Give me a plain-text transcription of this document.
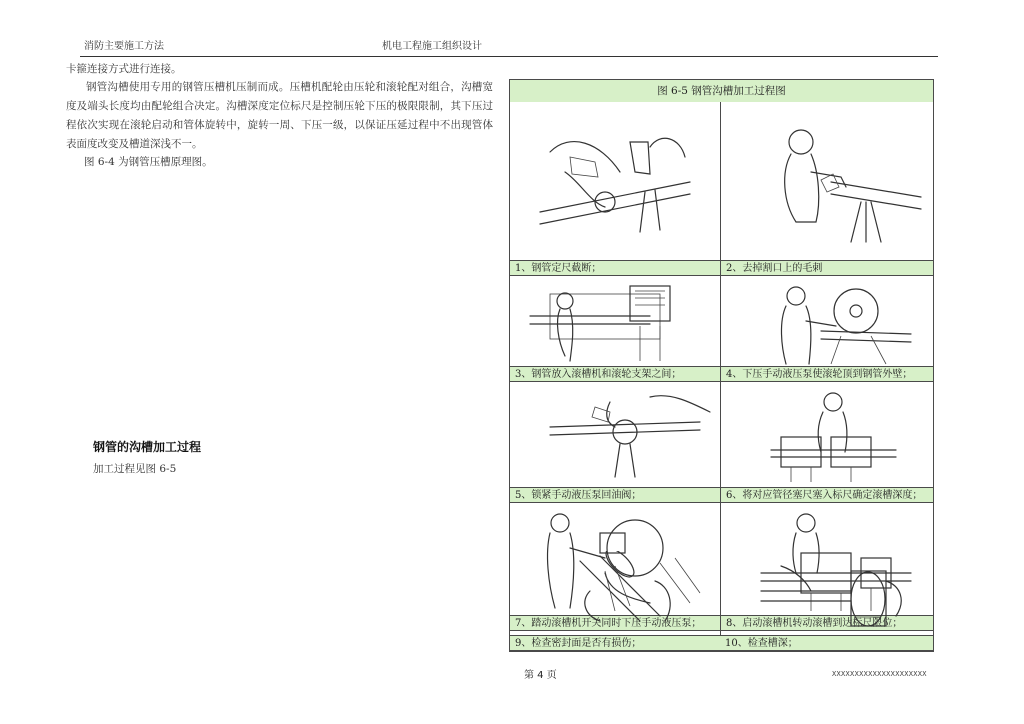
消防主要施工方法	机电工程施工组织设计
卡箍连接方式进行连接。
钢管沟槽使用专用的钢管压槽机压制而成。压槽机配轮由压轮和滚轮配对组合，沟槽宽度及端头长度均由配轮组合决定。沟槽深度定位标尺是控制压轮下压的极限限制，其下压过程依次实现在滚轮启动和管体旋转中，旋转一周、下压一级，以保证压延过程中不出现管体表面度改变及槽道深浅不一。
图 6-4 为钢管压槽原理图。
钢管的沟槽加工过程
加工过程见图 6-5
图 6-5 钢管沟槽加工过程图
1、钢管定尺截断；	2、去掉割口上的毛刺
3、钢管放入滚槽机和滚轮支架之间；	4、下压手动液压泵使滚轮顶到钢管外壁；
5、锁紧手动液压泵回油阀；	6、将对应管径塞尺塞入标尺确定滚槽深度；
7、踏动滚槽机开关同时下压手动液压泵；	8、启动滚槽机转动滚槽到达标尺限位；
9、检查密封面是否有损伤；	10、检查槽深；
第 4 页	XXXXXXXXXXXXXXXXXXXXX
